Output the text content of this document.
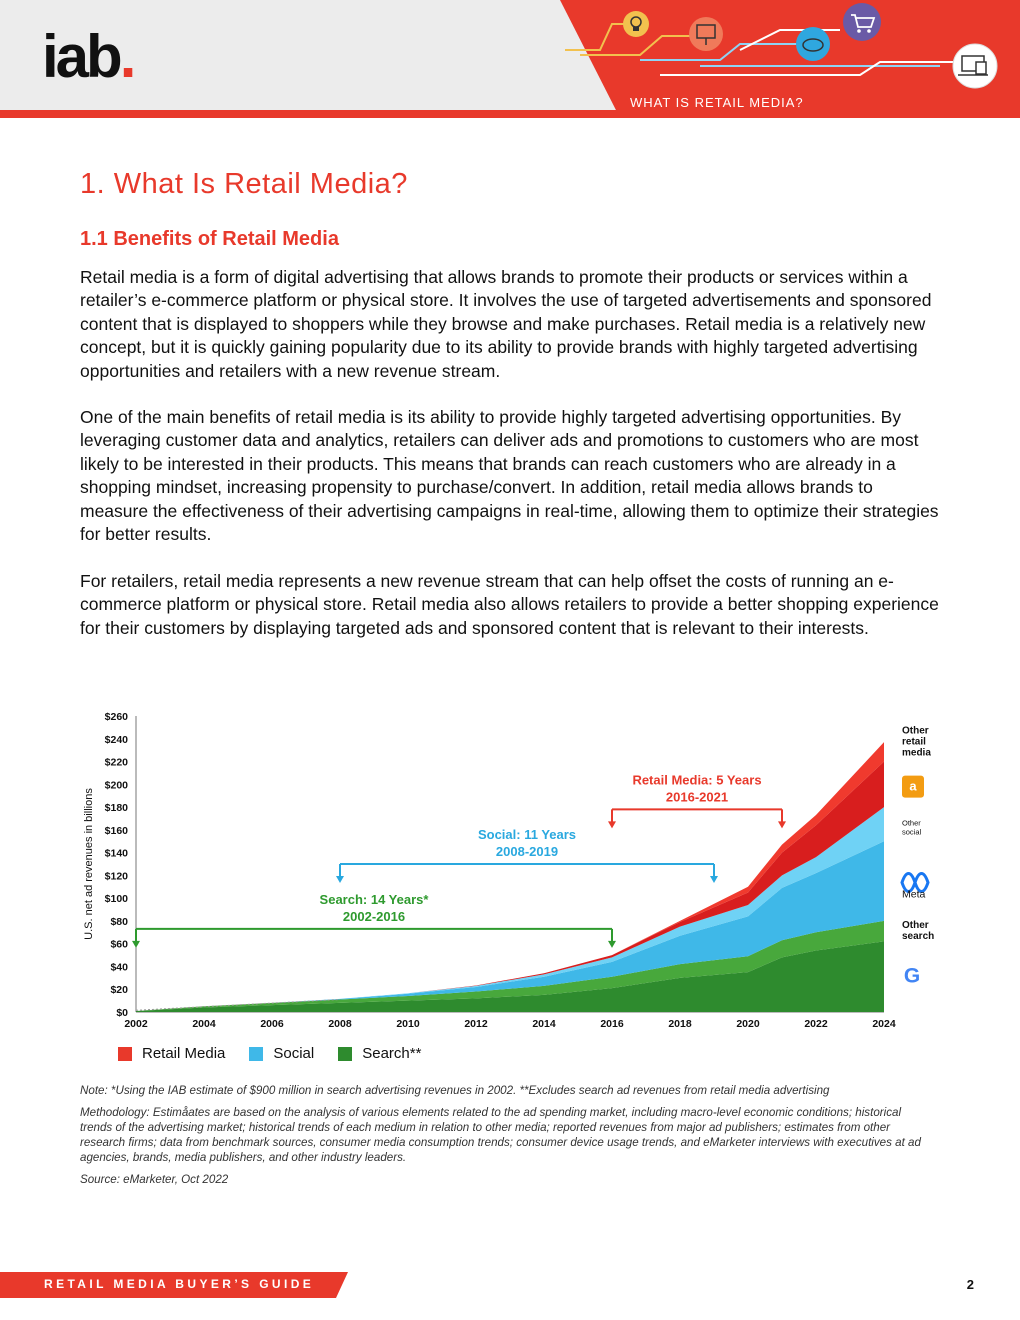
iab.
WHAT IS RETAIL MEDIA?
1. What Is Retail Media?
1.1 Benefits of Retail Media

Retail media is a form of digital advertising that allows brands to promote their products or services within a retailer’s e-commerce platform or physical store. It involves the use of targeted advertisements and sponsored content that is displayed to shoppers while they browse and make purchases. Retail media is a relatively new concept, but it is quickly gaining popularity due to its ability to provide brands with highly targeted advertising opportunities and retailers with a new revenue stream.

One of the main benefits of retail media is its ability to provide highly targeted advertising opportunities. By leveraging customer data and analytics, retailers can deliver ads and promotions to customers who are most likely to be interested in their products. This means that brands can reach customers who are already in a shopping mindset, increasing propensity to purchase/convert. In addition, retail media allows brands to measure the effectiveness of their advertising campaigns in real-time, allowing them to optimize their strategies for better results.

For retailers, retail media represents a new revenue stream that can help offset the costs of running an e-commerce platform or physical store. Retail media also allows retailers to provide a better shopping experience for their customers by displaying targeted ads and sponsored content that is relevant to their interests.

$0
$20
$40
$60
$80
$100
$120
$140
$160
$180
$200
$220
$240
$260
2002	2004	2006	2008	2010	2012	2014	2016	2018	2020	2022	2024
U.S. net ad revenues in billions	Search: 14 Years*
2002-2016
Social: 11 Years
2008-2019
Retail Media: 5 Years
2016-2021
Other
retail
media
a
Other
social
Meta
Other
search
G
Retail Media	Social	Search**

Note: *Using the IAB estimate of $900 million in search advertising revenues in 2002. **Excludes search ad revenues from retail media advertising

Methodology: Estimåates are based on the analysis of various elements related to the ad spending market, including macro-level economic conditions; historical trends of the advertising market; historical trends of each medium in relation to other media; reported revenues from major ad publishers; estimates from other research firms; data from benchmark sources, consumer media consumption trends; consumer device usage trends, and eMarketer interviews with executives at ad agencies, brands, media publishers, and other industry leaders.

Source: eMarketer, Oct 2022

RETAIL MEDIA BUYER’S GUIDE	2
